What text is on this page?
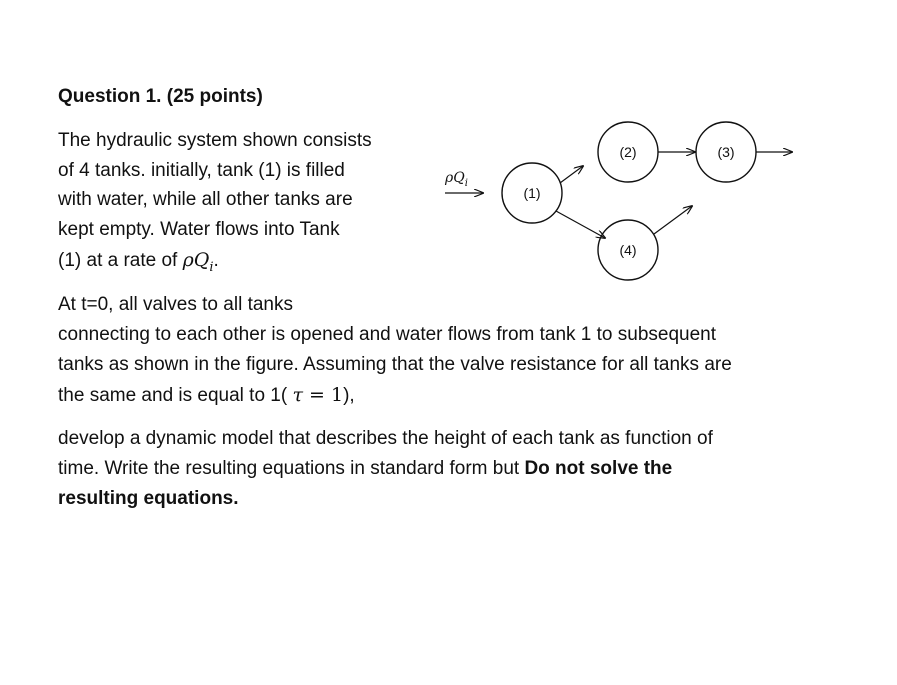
Question 1. (25 points)
The hydraulic system shown consists
of 4 tanks. initially, tank (1) is filled
with water, while all other tanks are
kept empty. Water flows into Tank
(1) at a rate of $\rho Q_i$.
At t=0, all valves to all tanks
connecting to each other is opened and water flows from tank 1 to subsequent
tanks as shown in the figure. Assuming that the valve resistance for all tanks are
the same and is equal to 1( τ = 1),
develop a dynamic model that describes the height of each tank as function of
time. Write the resulting equations in standard form but Do not solve the
resulting equations.
$\rho Q_i$
(1)
(2)	(3)
(4)
